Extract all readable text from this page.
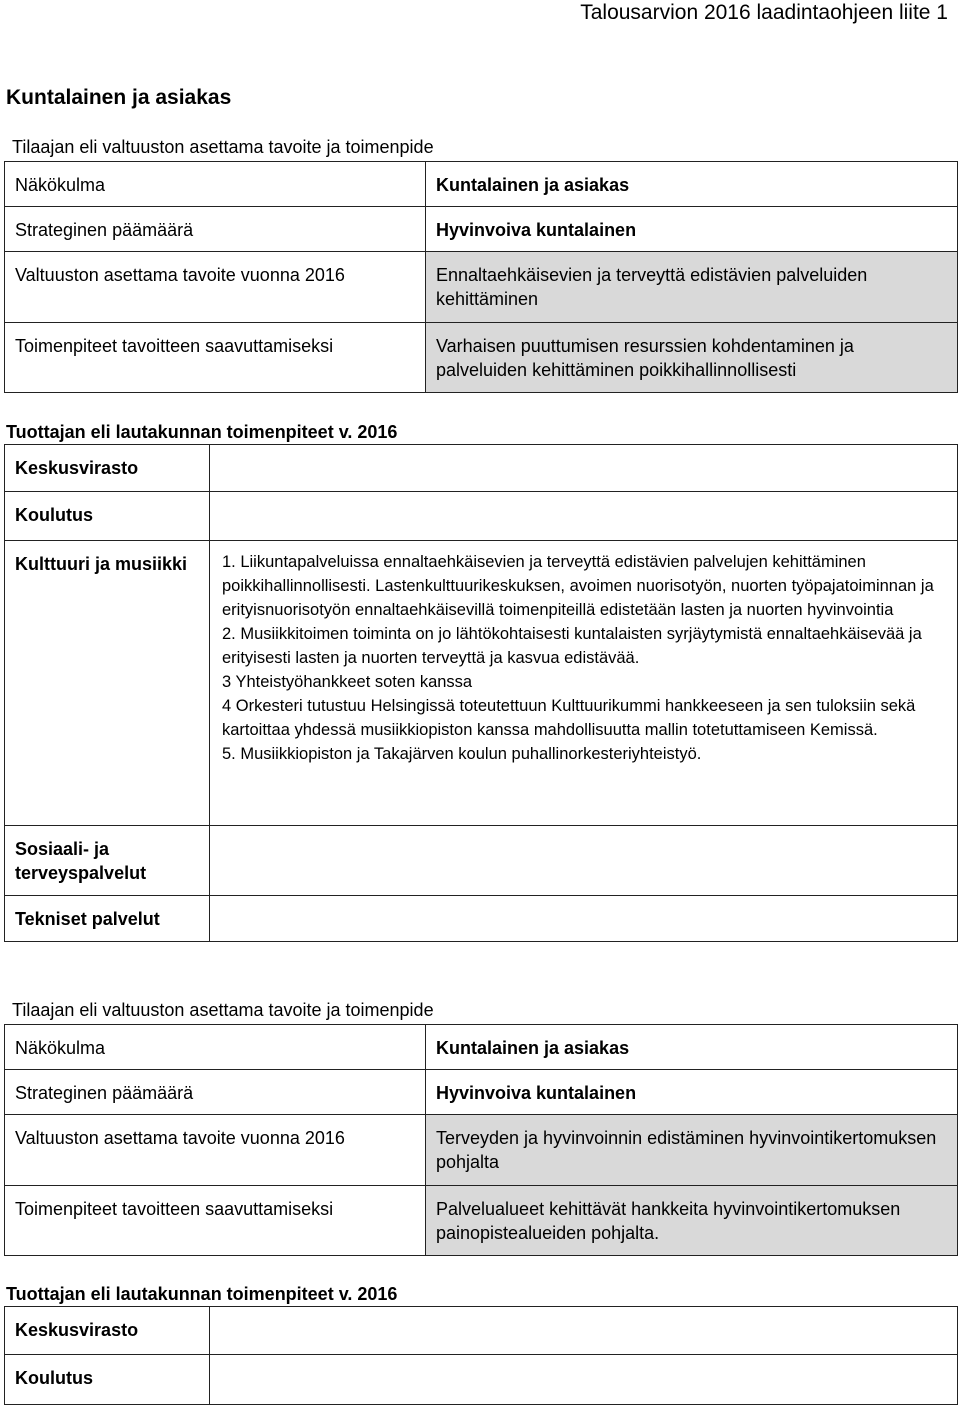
Talousarvion 2016 laadintaohjeen liite 1
Kuntalainen ja asiakas
Tilaajan eli valtuuston asettama tavoite ja toimenpide
Näkökulma	Kuntalainen ja asiakas
Strateginen päämäärä	Hyvinvoiva kuntalainen
Valtuuston asettama tavoite vuonna 2016	Ennaltaehkäisevien ja terveyttä edistävien palveluiden kehittäminen
Toimenpiteet tavoitteen saavuttamiseksi	Varhaisen puuttumisen resurssien kohdentaminen ja palveluiden kehittäminen poikkihallinnollisesti
Tuottajan eli lautakunnan toimenpiteet v. 2016
Keskusvirasto	
Koulutus	
Kulttuuri ja musiikki	1. Liikuntapalveluissa ennaltaehkäisevien ja terveyttä edistävien palvelujen kehittäminen poikkihallinnollisesti. Lastenkulttuurikeskuksen, avoimen nuorisotyön, nuorten työpajatoiminnan ja erityisnuorisotyön ennaltaehkäisevillä toimenpiteillä edistetään lasten ja nuorten hyvinvointia
2. Musiikkitoimen toiminta on jo lähtökohtaisesti kuntalaisten syrjäytymistä ennaltaehkäisevää ja erityisesti lasten ja nuorten terveyttä ja kasvua edistävää.
3 Yhteistyöhankkeet soten kanssa
4 Orkesteri tutustuu Helsingissä toteutettuun Kulttuurikummi hankkeeseen ja sen tuloksiin sekä kartoittaa yhdessä musiikkiopiston kanssa mahdollisuutta mallin totetuttamiseen Kemissä.
5. Musiikkiopiston ja Takajärven koulun puhallinorkesteriyhteistyö.

Sosiaali- ja terveyspalvelut	
Tekniset palvelut	
Tilaajan eli valtuuston asettama tavoite ja toimenpide
Näkökulma	Kuntalainen ja asiakas
Strateginen päämäärä	Hyvinvoiva kuntalainen
Valtuuston asettama tavoite vuonna 2016	Terveyden ja hyvinvoinnin edistäminen hyvinvointikertomuksen pohjalta
Toimenpiteet tavoitteen saavuttamiseksi	Palvelualueet kehittävät hankkeita hyvinvointikertomuksen painopistealueiden pohjalta.
Tuottajan eli lautakunnan toimenpiteet v. 2016
Keskusvirasto	
Koulutus	
